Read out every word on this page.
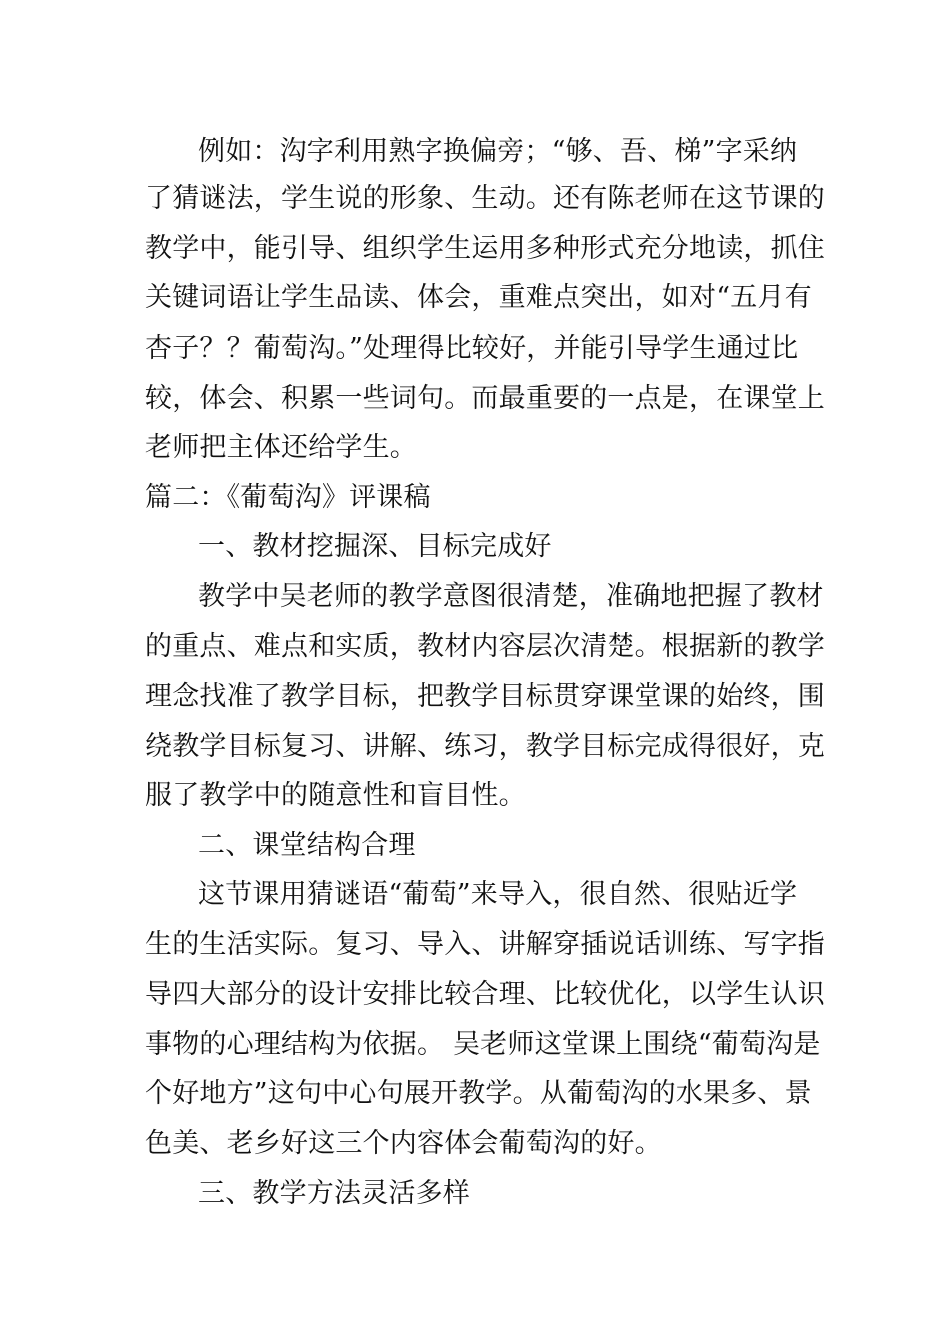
例如：沟字利用熟字换偏旁；“够、吾、梯”字采纳
了猜谜法，学生说的形象、生动。还有陈老师在这节课的
教学中，能引导、组织学生运用多种形式充分地读，抓住
关键词语让学生品读、体会，重难点突出，如对“五月有
杏子？？葡萄沟。”处理得比较好，并能引导学生通过比
较，体会、积累一些词句。而最重要的一点是，在课堂上
老师把主体还给学生。
篇二：《葡萄沟》评课稿
一、教材挖掘深、目标完成好
教学中吴老师的教学意图很清楚，准确地把握了教材
的重点、难点和实质，教材内容层次清楚。根据新的教学
理念找准了教学目标，把教学目标贯穿课堂课的始终，围
绕教学目标复习、讲解、练习，教学目标完成得很好，克
服了教学中的随意性和盲目性。
二、课堂结构合理
这节课用猜谜语“葡萄”来导入，很自然、很贴近学
生的生活实际。复习、导入、讲解穿插说话训练、写字指
导四大部分的设计安排比较合理、比较优化，以学生认识
事物的心理结构为依据。 吴老师这堂课上围绕“葡萄沟是
个好地方”这句中心句展开教学。从葡萄沟的水果多、景
色美、老乡好这三个内容体会葡萄沟的好。
三、教学方法灵活多样
